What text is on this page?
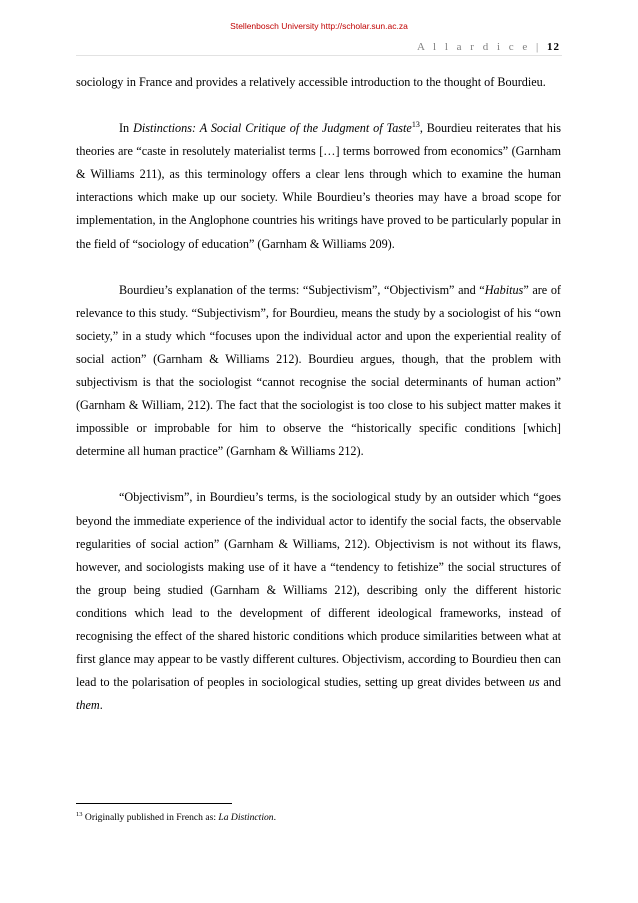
Stellenbosch University http://scholar.sun.ac.za
A l l a r d i c e | 12

sociology in France and provides a relatively accessible introduction to the thought of Bourdieu.

In Distinctions: A Social Critique of the Judgment of Taste$^{13}$, Bourdieu reiterates that his theories are “caste in resolutely materialist terms […] terms borrowed from economics” (Garnham & Williams 211), as this terminology offers a clear lens through which to examine the human interactions which make up our society. While Bourdieu’s theories may have a broad scope for implementation, in the Anglophone countries his writings have proved to be particularly popular in the field of “sociology of education” (Garnham & Williams 209).

Bourdieu’s explanation of the terms: “Subjectivism”, “Objectivism” and “Habitus” are of relevance to this study. “Subjectivism”, for Bourdieu, means the study by a sociologist of his “own society,” in a study which “focuses upon the individual actor and upon the experiential reality of social action” (Garnham & Williams 212). Bourdieu argues, though, that the problem with subjectivism is that the sociologist “cannot recognise the social determinants of human action” (Garnham & William, 212). The fact that the sociologist is too close to his subject matter makes it impossible or improbable for him to observe the “historically specific conditions [which] determine all human practice” (Garnham & Williams 212).

“Objectivism”, in Bourdieu’s terms, is the sociological study by an outsider which “goes beyond the immediate experience of the individual actor to identify the social facts, the observable regularities of social action” (Garnham & Williams, 212). Objectivism is not without its flaws, however, and sociologists making use of it have a “tendency to fetishize” the social structures of the group being studied (Garnham & Williams 212), describing only the different historic conditions which lead to the development of different ideological frameworks, instead of recognising the effect of the shared historic conditions which produce similarities between what at first glance may appear to be vastly different cultures. Objectivism, according to Bourdieu then can lead to the polarisation of peoples in sociological studies, setting up great divides between us and them.

$^{13}$ Originally published in French as: La Distinction.
